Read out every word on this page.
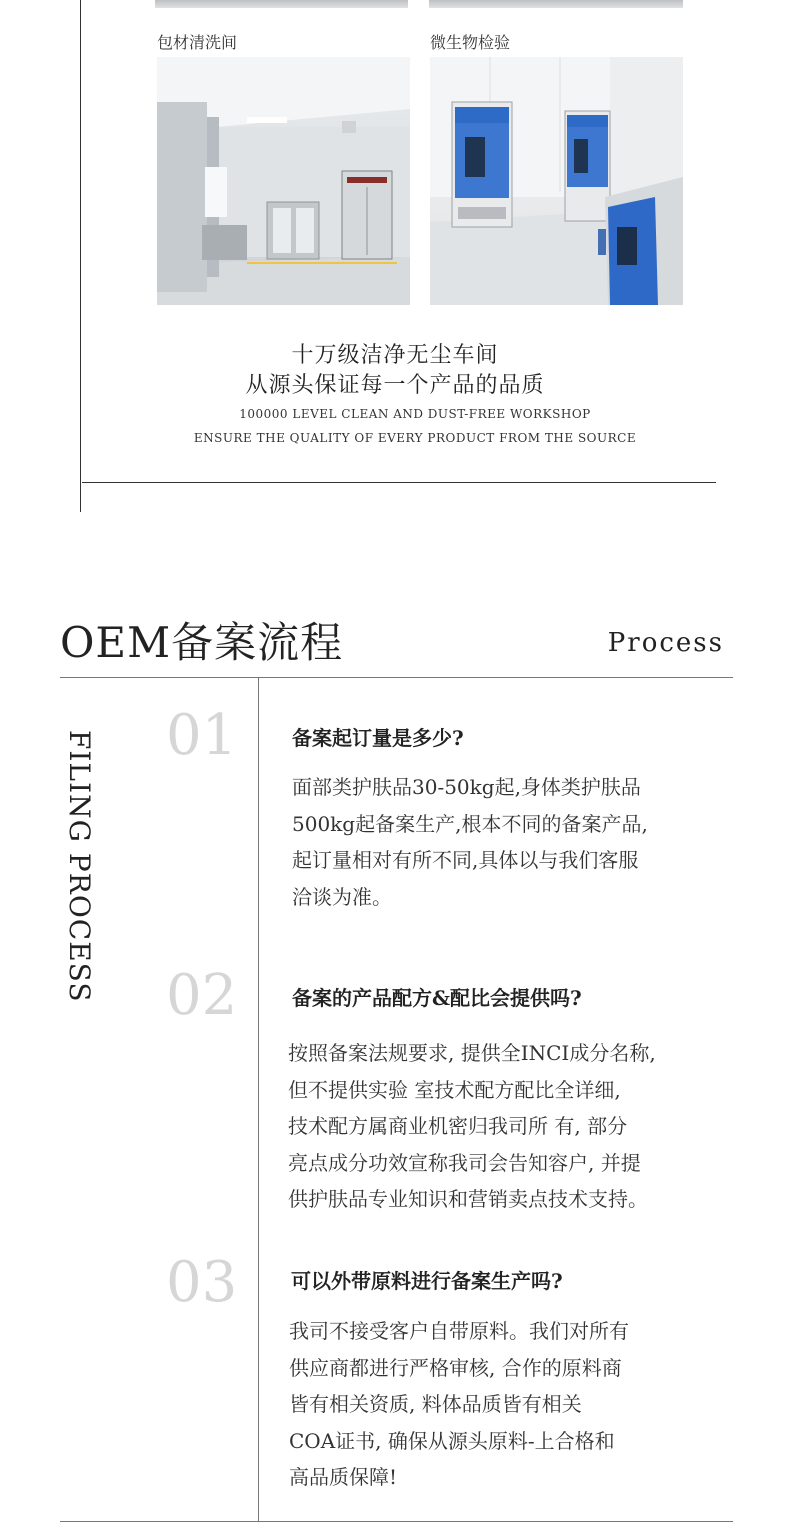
包材清洗间	微生物检验
十万级洁净无尘车间
从源头保证每一个产品的品质
100000 LEVEL CLEAN AND DUST-FREE WORKSHOP
ENSURE THE QUALITY OF EVERY PRODUCT FROM THE SOURCE
OEM备案流程	Process
FILING PROCESS 01	备案起订量是多少?
面部类护肤品30-50kg起,身体类护肤品
500kg起备案生产,根本不同的备案产品,
起订量相对有所不同,具体以与我们客服
洽谈为准。
02	备案的产品配方&配比会提供吗?
按照备案法规要求, 提供全INCI成分名称,
但不提供实验 室技术配方配比全详细,
技术配方属商业机密归我司所 有, 部分
亮点成分功效宣称我司会告知容户, 并提
供护肤品专业知识和营销卖点技术支持。
03	可以外带原料进行备案生产吗?
我司不接受客户自带原料。我们对所有
供应商都进行严格审核, 合作的原料商
皆有相关资质, 料体品质皆有相关
COA证书, 确保从源头原料-上合格和
高品质保障!
